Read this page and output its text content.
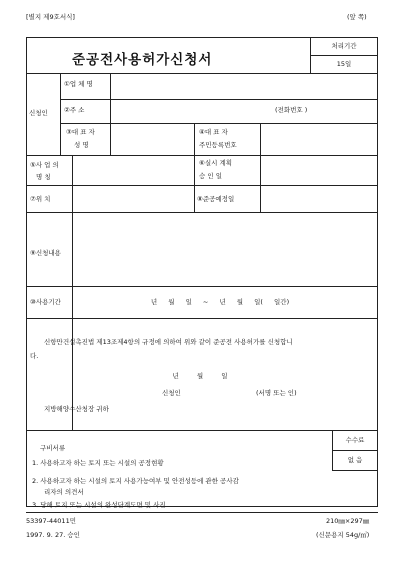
[별지 제9호서식]	(앞 쪽)
준공전사용허가신청서
처리기간
15일
신청인
①업 체 명
②주 소	(전화번호 )
③대 표 자
성 명
④대 표 자
주민등록번호
⑤사 업 의
명 칭
⑥실시 계획
승 인 일
⑦위 치	⑧준공예정일
⑨신청내용
⑩사용기간	년 월 일 ~ 년 월 일( 일간)
신항만건설촉진법 제13조제4항의 규정에 의하여 위와 같이 준공전 사용허가를 신청합니
다.
년 월 일
신청인	(서명 또는 인)
지방해양수산청장 귀하
구비서류
1. 사용하고자 하는 토지 또는 시설의 공정현황
2. 사용하고자 하는 시설의 토지 사용가능여부 및 안전성등에 관한 공사감
리자의 의견서
3. 당해 토지 또는 시설의 완성단계도면 및 사진
수수료
없 음
53397-44011민	210㎜×297㎜
1997. 9. 27. 승인	(신문용지 54g/㎡)
